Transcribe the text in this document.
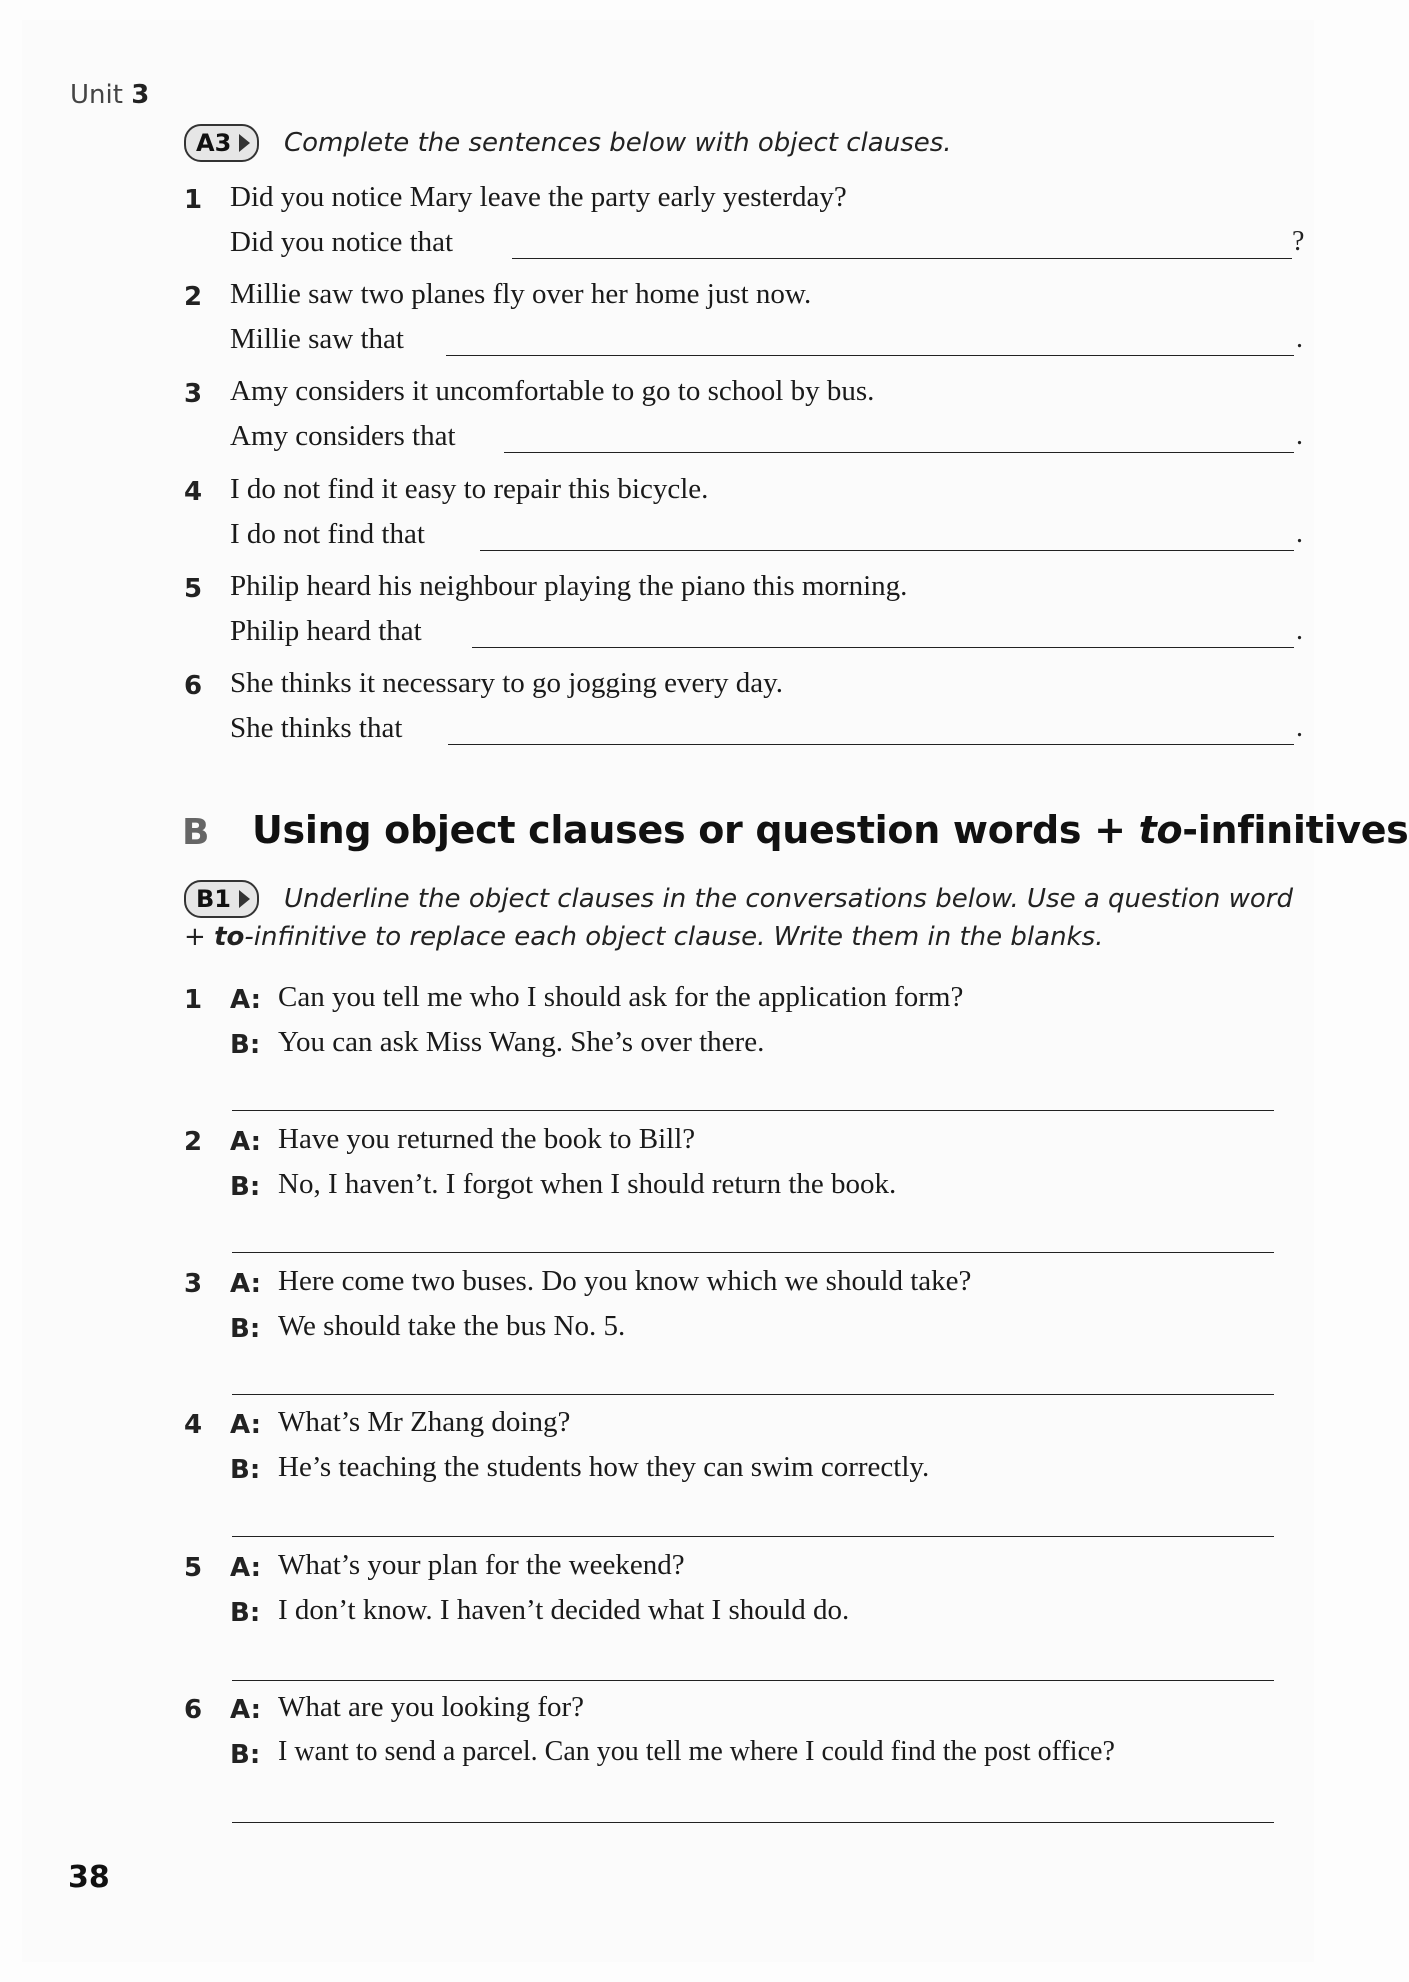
Unit 3
A3	Complete the sentences below with object clauses.
1 Did you notice Mary leave the party early yesterday?
Did you notice that	?
2 Millie saw two planes fly over her home just now.
Millie saw that	.
3 Amy considers it uncomfortable to go to school by bus.
Amy considers that	.
4 I do not find it easy to repair this bicycle.
I do not find that	.
5 Philip heard his neighbour playing the piano this morning.
Philip heard that	.
6 She thinks it necessary to go jogging every day.
She thinks that	.
B Using object clauses or question words + to-infinitives
B1	Underline the object clauses in the conversations below. Use a question word
+ to-infinitive to replace each object clause. Write them in the blanks.
1 A: Can you tell me who I should ask for the application form?
B: You can ask Miss Wang. She’s over there.
2 A: Have you returned the book to Bill?
B: No, I haven’t. I forgot when I should return the book.
3 A: Here come two buses. Do you know which we should take?
B: We should take the bus No. 5.
4 A: What’s Mr Zhang doing?
B: He’s teaching the students how they can swim correctly.
5 A: What’s your plan for the weekend?
B: I don’t know. I haven’t decided what I should do.
6 A: What are you looking for?
B: I want to send a parcel. Can you tell me where I could find the post office?
38
